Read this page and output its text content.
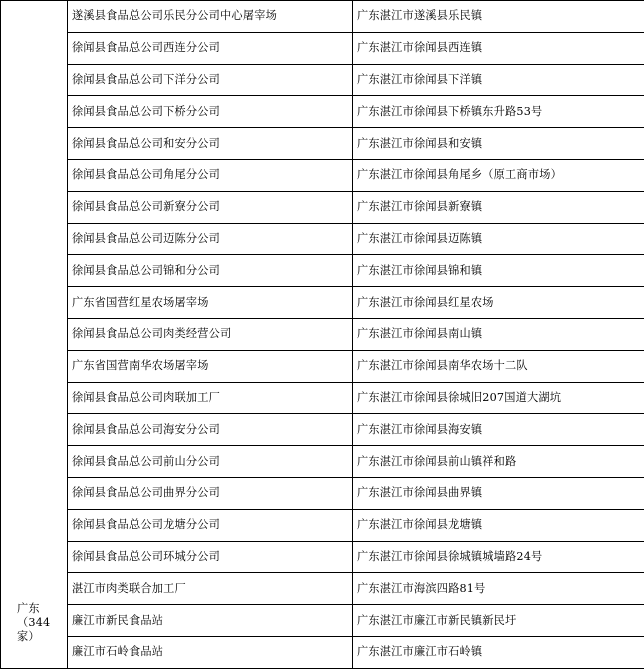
广东（344家）	遂溪县食品总公司乐民分公司中心屠宰场	广东湛江市遂溪县乐民镇
	徐闻县食品总公司西连分公司	广东湛江市徐闻县西连镇
	徐闻县食品总公司下洋分公司	广东湛江市徐闻县下洋镇
	徐闻县食品总公司下桥分公司	广东湛江市徐闻县下桥镇东升路53号
	徐闻县食品总公司和安分公司	广东湛江市徐闻县和安镇
	徐闻县食品总公司角尾分公司	广东湛江市徐闻县角尾乡（原工商市场）
	徐闻县食品总公司新寮分公司	广东湛江市徐闻县新寮镇
	徐闻县食品总公司迈陈分公司	广东湛江市徐闻县迈陈镇
	徐闻县食品总公司锦和分公司	广东湛江市徐闻县锦和镇
	广东省国营红星农场屠宰场	广东湛江市徐闻县红星农场
	徐闻县食品总公司肉类经营公司	广东湛江市徐闻县南山镇
	广东省国营南华农场屠宰场	广东湛江市徐闻县南华农场十二队
	徐闻县食品总公司肉联加工厂	广东湛江市徐闻县徐城旧207国道大湖坑
	徐闻县食品总公司海安分公司	广东湛江市徐闻县海安镇
	徐闻县食品总公司前山分公司	广东湛江市徐闻县前山镇祥和路
	徐闻县食品总公司曲界分公司	广东湛江市徐闻县曲界镇
	徐闻县食品总公司龙塘分公司	广东湛江市徐闻县龙塘镇
	徐闻县食品总公司环城分公司	广东湛江市徐闻县徐城镇城墙路24号
	湛江市肉类联合加工厂	广东湛江市海滨四路81号
	廉江市新民食品站	广东湛江市廉江市新民镇新民圩
	廉江市石岭食品站	广东湛江市廉江市石岭镇
